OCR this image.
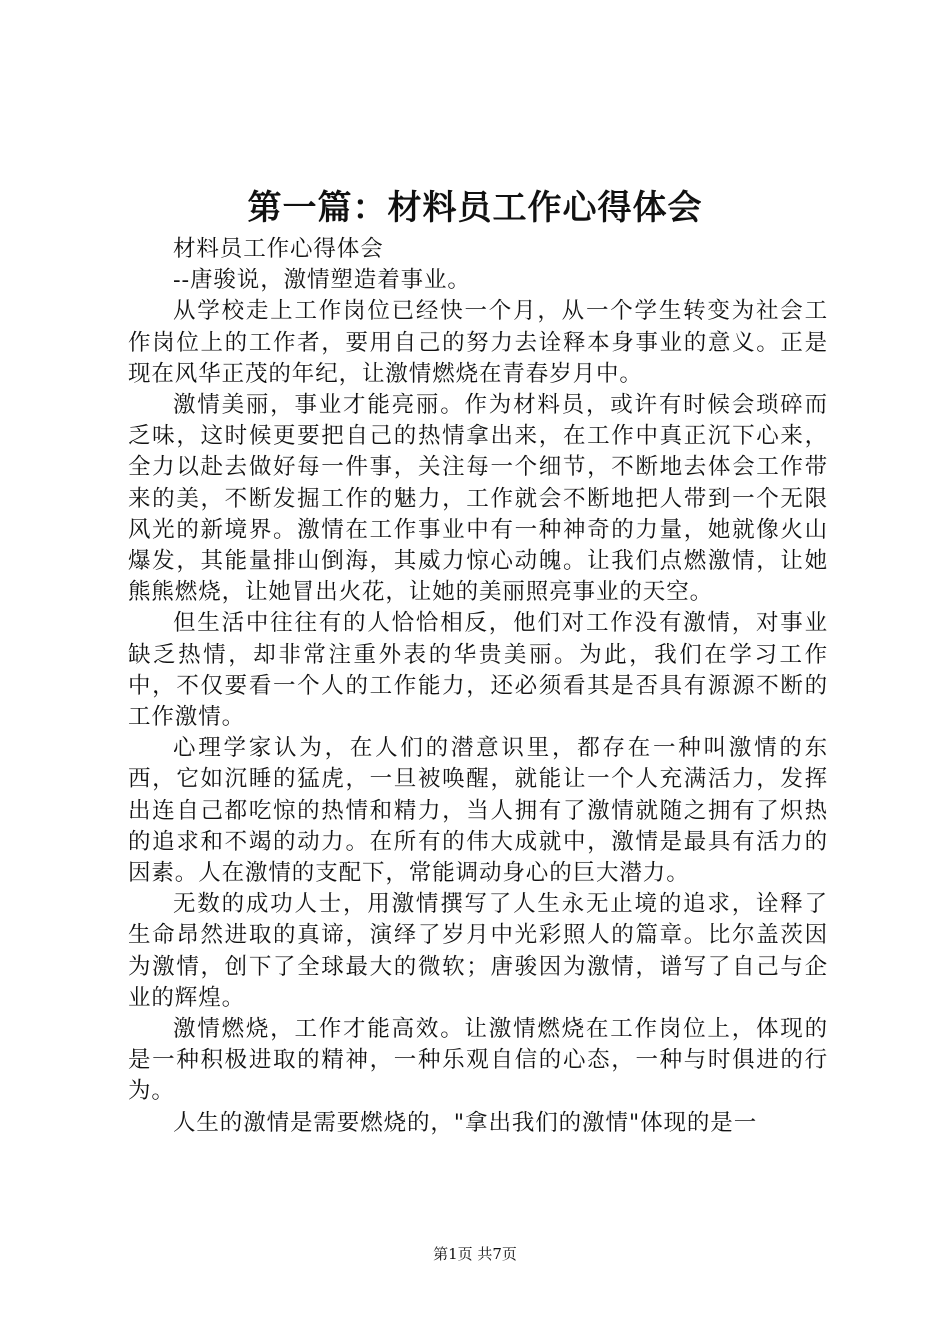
第一篇：材料员工作心得体会

材料员工作心得体会

--唐骏说，激情塑造着事业。

从学校走上工作岗位已经快一个月，从一个学生转变为社会工作岗位上的工作者，要用自己的努力去诠释本身事业的意义。正是现在风华正茂的年纪，让激情燃烧在青春岁月中。

激情美丽，事业才能亮丽。作为材料员，或许有时候会琐碎而乏味，这时候更要把自己的热情拿出来，在工作中真正沉下心来，全力以赴去做好每一件事，关注每一个细节，不断地去体会工作带来的美，不断发掘工作的魅力，工作就会不断地把人带到一个无限风光的新境界。激情在工作事业中有一种神奇的力量，她就像火山爆发，其能量排山倒海，其威力惊心动魄。让我们点燃激情，让她熊熊燃烧，让她冒出火花，让她的美丽照亮事业的天空。

但生活中往往有的人恰恰相反，他们对工作没有激情，对事业缺乏热情，却非常注重外表的华贵美丽。为此，我们在学习工作中，不仅要看一个人的工作能力，还必须看其是否具有源源不断的工作激情。

心理学家认为，在人们的潜意识里，都存在一种叫激情的东西，它如沉睡的猛虎，一旦被唤醒，就能让一个人充满活力，发挥出连自己都吃惊的热情和精力，当人拥有了激情就随之拥有了炽热的追求和不竭的动力。在所有的伟大成就中，激情是最具有活力的因素。人在激情的支配下，常能调动身心的巨大潜力。

无数的成功人士，用激情撰写了人生永无止境的追求，诠释了生命昂然进取的真谛，演绎了岁月中光彩照人的篇章。比尔盖茨因为激情，创下了全球最大的微软；唐骏因为激情，谱写了自己与企业的辉煌。

激情燃烧，工作才能高效。让激情燃烧在工作岗位上，体现的是一种积极进取的精神，一种乐观自信的心态，一种与时俱进的行为。

人生的激情是需要燃烧的，"拿出我们的激情"体现的是一

第1页 共7页
